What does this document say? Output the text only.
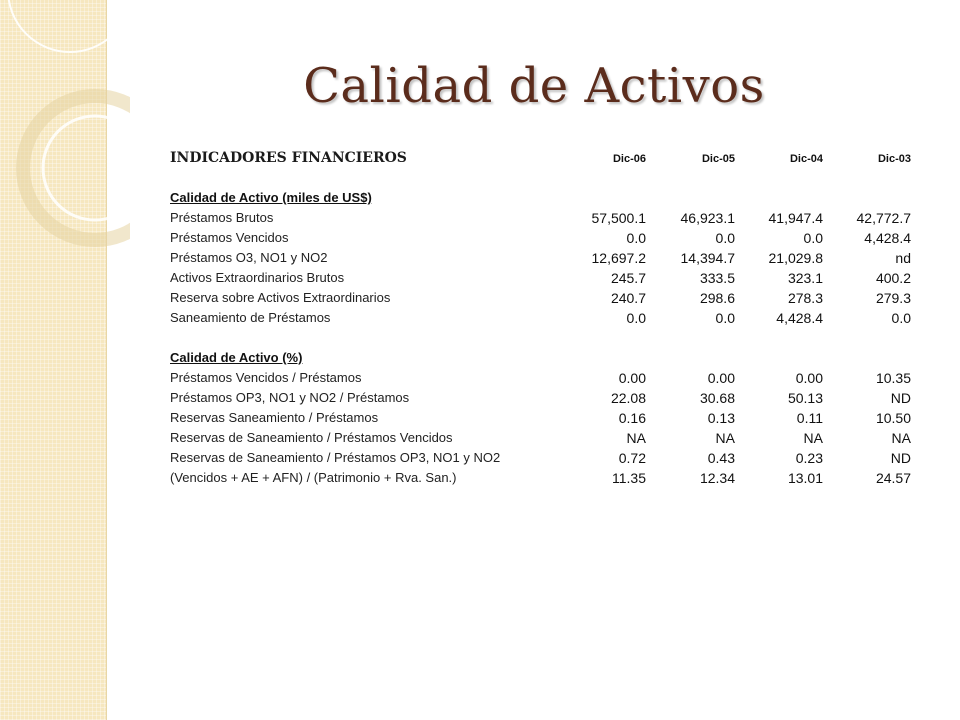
Calidad de Activos
INDICADORES FINANCIEROS	Dic-06	Dic-05	Dic-04	Dic-03
Calidad de Activo (miles de US$)
Préstamos Brutos	57,500.1	46,923.1	41,947.4	42,772.7
Préstamos Vencidos	0.0	0.0	0.0	4,428.4
Préstamos O3, NO1 y NO2	12,697.2	14,394.7	21,029.8	nd
Activos Extraordinarios Brutos	245.7	333.5	323.1	400.2
Reserva sobre Activos Extraordinarios	240.7	298.6	278.3	279.3
Saneamiento de Préstamos	0.0	0.0	4,428.4	0.0
Calidad de Activo (%)
Préstamos Vencidos / Préstamos	0.00	0.00	0.00	10.35
Préstamos OP3, NO1 y NO2 / Préstamos	22.08	30.68	50.13	ND
Reservas Saneamiento / Préstamos	0.16	0.13	0.11	10.50
Reservas de Saneamiento / Préstamos Vencidos	NA	NA	NA	NA
Reservas de Saneamiento / Préstamos OP3, NO1 y NO2	0.72	0.43	0.23	ND
(Vencidos + AE + AFN) / (Patrimonio + Rva. San.)	11.35	12.34	13.01	24.57
